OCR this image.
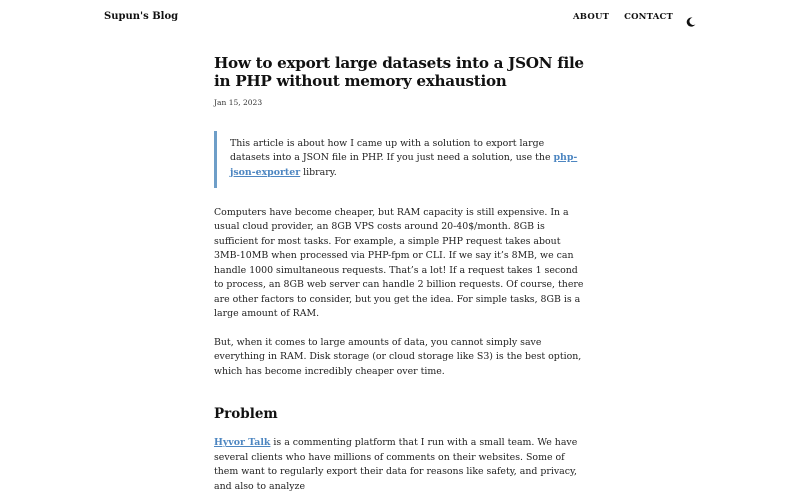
Supun's Blog	ABOUT CONTACT
How to export large datasets into a JSON file in PHP without memory exhaustion
Jan 15, 2023
This article is about how I came up with a solution to export large datasets into a JSON file in PHP. If you just need a solution, use the php-json-exporter library.

Computers have become cheaper, but RAM capacity is still expensive. In a usual cloud provider, an 8GB VPS costs around 20-40$/month. 8GB is sufficient for most tasks. For example, a simple PHP request takes about 3MB-10MB when processed via PHP-fpm or CLI. If we say it’s 8MB, we can handle 1000 simultaneous requests. That’s a lot! If a request takes 1 second to process, an 8GB web server can handle 2 billion requests. Of course, there are other factors to consider, but you get the idea. For simple tasks, 8GB is a large amount of RAM.

But, when it comes to large amounts of data, you cannot simply save everything in RAM. Disk storage (or cloud storage like S3) is the best option, which has become incredibly cheaper over time.

Problem

Hyvor Talk is a commenting platform that I run with a small team. We have several clients who have millions of comments on their websites. Some of them want to regularly export their data for reasons like safety, and privacy, and also to analyze
